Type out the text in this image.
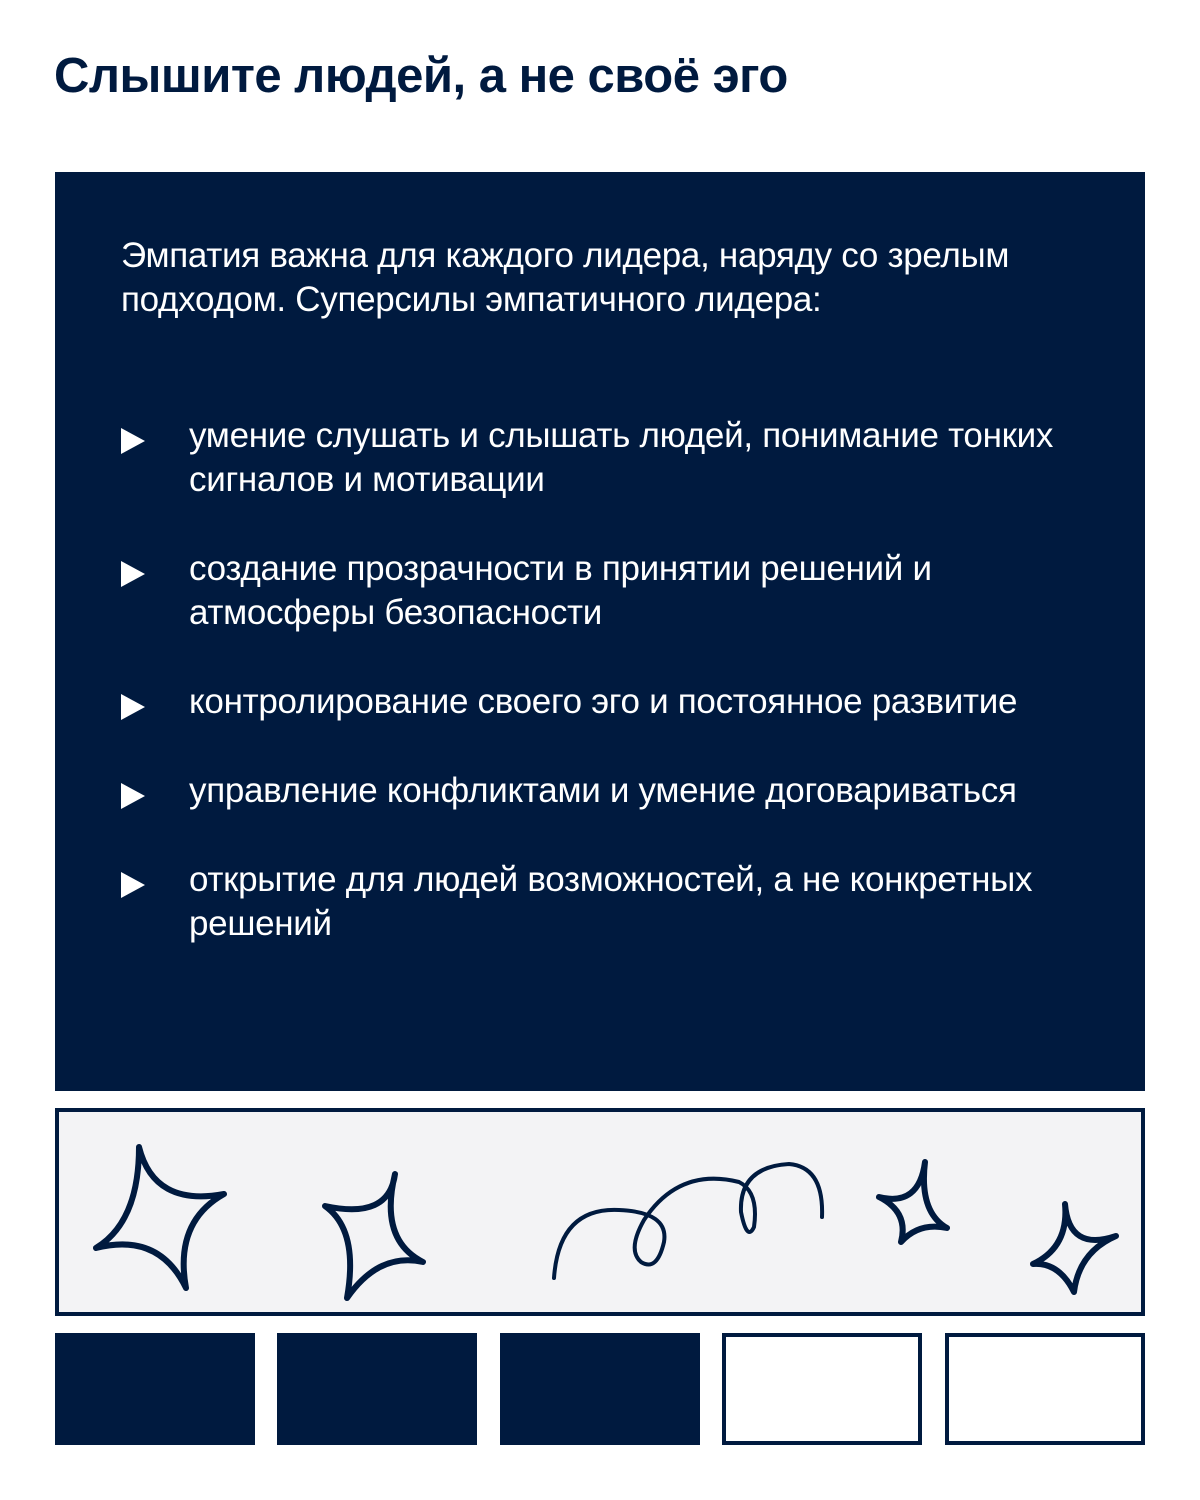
Слышите людей, а не своё эго

Эмпатия важна для каждого лидера, наряду со зрелым подходом. Суперсилы эмпатичного лидера:

умение слушать и слышать людей, понимание тонких сигналов и мотивации
создание прозрачности в принятии решений и атмосферы безопасности
контролирование своего эго и постоянное развитие
управление конфликтами и умение договариваться
открытие для людей возможностей, а не конкретных решений
